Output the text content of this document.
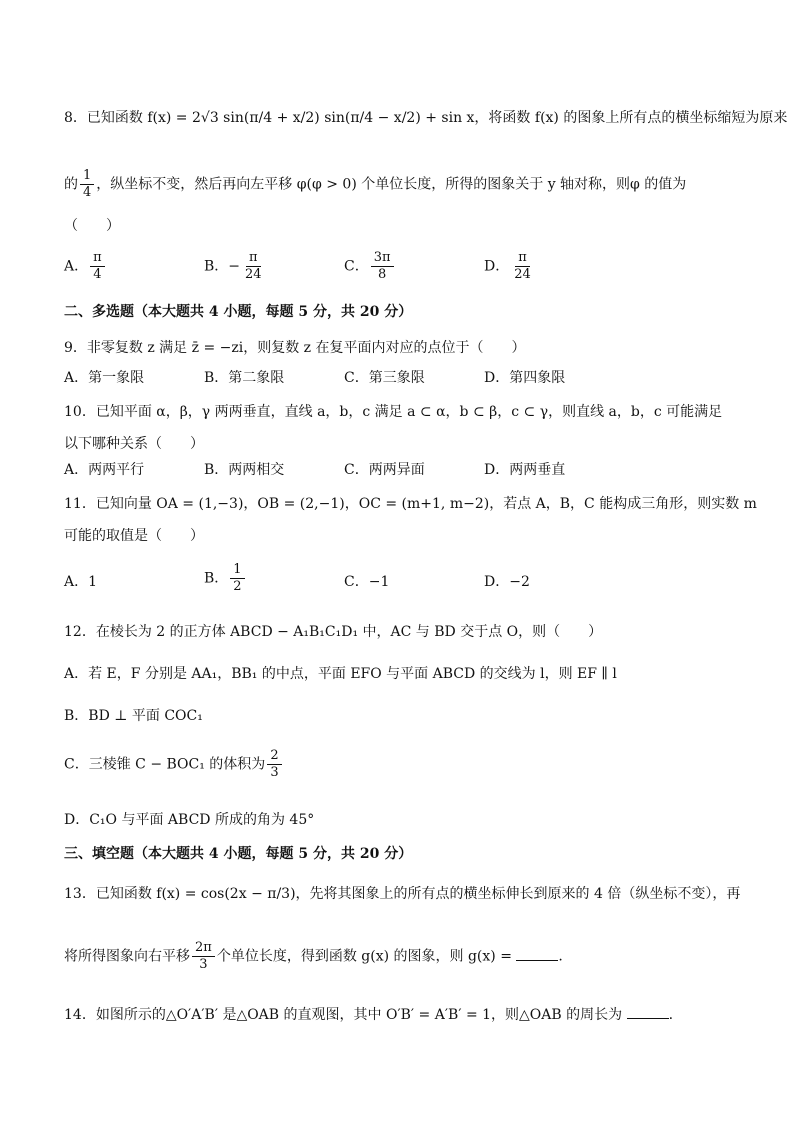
8．已知函数 f(x) = 2√3 sin(π/4 + x/2) sin(π/4 − x/2) + sin x，将函数 f(x) 的图象上所有点的横坐标缩短为原来
的 $\frac{1}{4}$ ，纵坐标不变，然后再向左平移 φ(φ > 0) 个单位长度，所得的图象关于 y 轴对称，则φ 的值为
（　　）
A． $\frac{\pi}{4}$	B．− $\frac{\pi}{24}$	C． $\frac{3\pi}{8}$	D． $\frac{\pi}{24}$
二、多选题（本大题共 4 小题，每题 5 分，共 20 分）
9．非零复数 z 满足 z̄ = −zi，则复数 z 在复平面内对应的点位于（　　）
A．第一象限	B．第二象限	C．第三象限	D．第四象限
10．已知平面 α，β，γ 两两垂直，直线 a，b，c 满足 a ⊂ α，b ⊂ β，c ⊂ γ，则直线 a，b，c 可能满足
以下哪种关系（　　）
A．两两平行	B．两两相交	C．两两异面	D．两两垂直
11．已知向量 OA = (1,−3)，OB = (2,−1)，OC = (m+1, m−2)，若点 A，B，C 能构成三角形，则实数 m
可能的取值是（　　）
A．1	B． $\frac{1}{2}$	C．−1	D．−2
12．在棱长为 2 的正方体 ABCD − A₁B₁C₁D₁ 中，AC 与 BD 交于点 O，则（　　）
A．若 E，F 分别是 AA₁，BB₁ 的中点，平面 EFO 与平面 ABCD 的交线为 l，则 EF ∥ l
B．BD ⊥ 平面 COC₁
C．三棱锥 C − BOC₁ 的体积为 $\frac{2}{3}$
D．C₁O 与平面 ABCD 所成的角为 45°
三、填空题（本大题共 4 小题，每题 5 分，共 20 分）
13．已知函数 f(x) = cos(2x − π/3)，先将其图象上的所有点的横坐标伸长到原来的 4 倍（纵坐标不变），再
将所得图象向右平移 $\frac{2\pi}{3}$ 个单位长度，得到函数 g(x) 的图象，则 g(x) =	.
14．如图所示的△O′A′B′ 是△OAB 的直观图，其中 O′B′ = A′B′ = 1，则△OAB 的周长为	.
